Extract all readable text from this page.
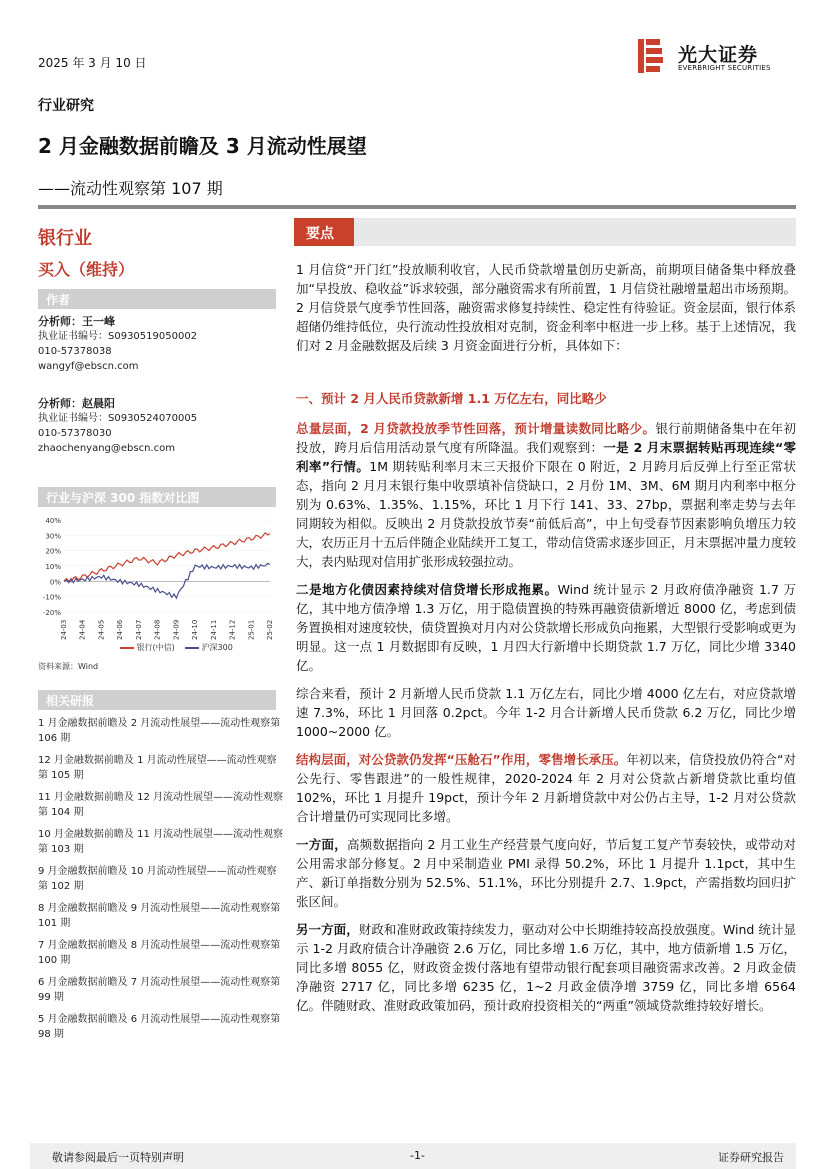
2025 年 3 月 10 日	光大证券
EVERBRIGHT SECURITIES
行业研究
2 月金融数据前瞻及 3 月流动性展望
——流动性观察第 107 期
银行业
买入（维持）
作者
分析师：王一峰
执业证书编号：S0930519050002
010-57378038
wangyf@ebscn.com
分析师：赵晨阳
执业证书编号：S0930524070005
010-57378030
zhaochenyang@ebscn.com
行业与沪深 300 指数对比图
-20%
-10%
0%
10%
20%
30%
40%
24-03 24-04 24-05 24-06 24-07 24-08 24-09 24-10 24-11 24-12 25-01 25-02
银行(中信)	沪深300
资料来源：Wind
相关研报
1 月金融数据前瞻及 2 月流动性展望——流动性观察第 106 期
12 月金融数据前瞻及 1 月流动性展望——流动性观察第 105 期
11 月金融数据前瞻及 12 月流动性展望——流动性观察第 104 期
10 月金融数据前瞻及 11 月流动性展望——流动性观察第 103 期
9 月金融数据前瞻及 10 月流动性展望——流动性观察第 102 期
8 月金融数据前瞻及 9 月流动性展望——流动性观察第 101 期
7 月金融数据前瞻及 8 月流动性展望——流动性观察第 100 期
6 月金融数据前瞻及 7 月流动性展望——流动性观察第 99 期
5 月金融数据前瞻及 6 月流动性展望——流动性观察第 98 期
要点

1 月信贷“开门红”投放顺利收官，人民币贷款增量创历史新高，前期项目储备集中释放叠加“早投放、稳收益”诉求较强，部分融资需求有所前置，1 月信贷社融增量超出市场预期。2 月信贷景气度季节性回落，融资需求修复持续性、稳定性有待验证。资金层面，银行体系超储仍维持低位，央行流动性投放相对克制，资金利率中枢进一步上移。基于上述情况，我们对 2 月金融数据及后续 3 月资金面进行分析，具体如下：

一、预计 2 月人民币贷款新增 1.1 万亿左右，同比略少

总量层面，2 月贷款投放季节性回落，预计增量读数同比略少。银行前期储备集中在年初投放，跨月后信用活动景气度有所降温。我们观察到：一是 2 月末票据转贴再现连续“零利率”行情。1M 期转贴利率月末三天报价下限在 0 附近，2 月跨月后反弹上行至正常状态，指向 2 月月末银行集中收票填补信贷缺口，2 月份 1M、3M、6M 期月内利率中枢分别为 0.63%、1.35%、1.15%，环比 1 月下行 141、33、27bp，票据利率走势与去年同期较为相似。反映出 2 月贷款投放节奏“前低后高”，中上旬受春节因素影响负增压力较大，农历正月十五后伴随企业陆续开工复工，带动信贷需求逐步回正，月末票据冲量力度较大，表内贴现对信用扩张形成较强拉动。

二是地方化债因素持续对信贷增长形成拖累。Wind 统计显示 2 月政府债净融资 1.7 万亿，其中地方债净增 1.3 万亿，用于隐债置换的特殊再融资债新增近 8000 亿，考虑到债务置换相对速度较快，债贷置换对月内对公贷款增长形成负向拖累，大型银行受影响或更为明显。这一点 1 月数据即有反映，1 月四大行新增中长期贷款 1.7 万亿，同比少增 3340 亿。

综合来看，预计 2 月新增人民币贷款 1.1 万亿左右，同比少增 4000 亿左右，对应贷款增速 7.3%，环比 1 月回落 0.2pct。今年 1-2 月合计新增人民币贷款 6.2 万亿，同比少增 1000~2000 亿。

结构层面，对公贷款仍发挥“压舱石”作用，零售增长承压。年初以来，信贷投放仍符合“对公先行、零售跟进”的一般性规律，2020-2024 年 2 月对公贷款占新增贷款比重均值 102%，环比 1 月提升 19pct，预计今年 2 月新增贷款中对公仍占主导，1-2 月对公贷款合计增量仍可实现同比多增。

一方面，高频数据指向 2 月工业生产经营景气度向好，节后复工复产节奏较快，或带动对公用需求部分修复。2 月中采制造业 PMI 录得 50.2%，环比 1 月提升 1.1pct，其中生产、新订单指数分别为 52.5%、51.1%，环比分别提升 2.7、1.9pct，产需指数均回归扩张区间。

另一方面，财政和准财政政策持续发力，驱动对公中长期维持较高投放强度。Wind 统计显示 1-2 月政府债合计净融资 2.6 万亿，同比多增 1.6 万亿，其中，地方债新增 1.5 万亿，同比多增 8055 亿，财政资金拨付落地有望带动银行配套项目融资需求改善。2 月政金债净融资 2717 亿，同比多增 6235 亿，1~2 月政金债净增 3759 亿，同比多增 6564 亿。伴随财政、准财政政策加码，预计政府投资相关的“两重”领域贷款维持较好增长。

敬请参阅最后一页特别声明	-1-	证券研究报告
